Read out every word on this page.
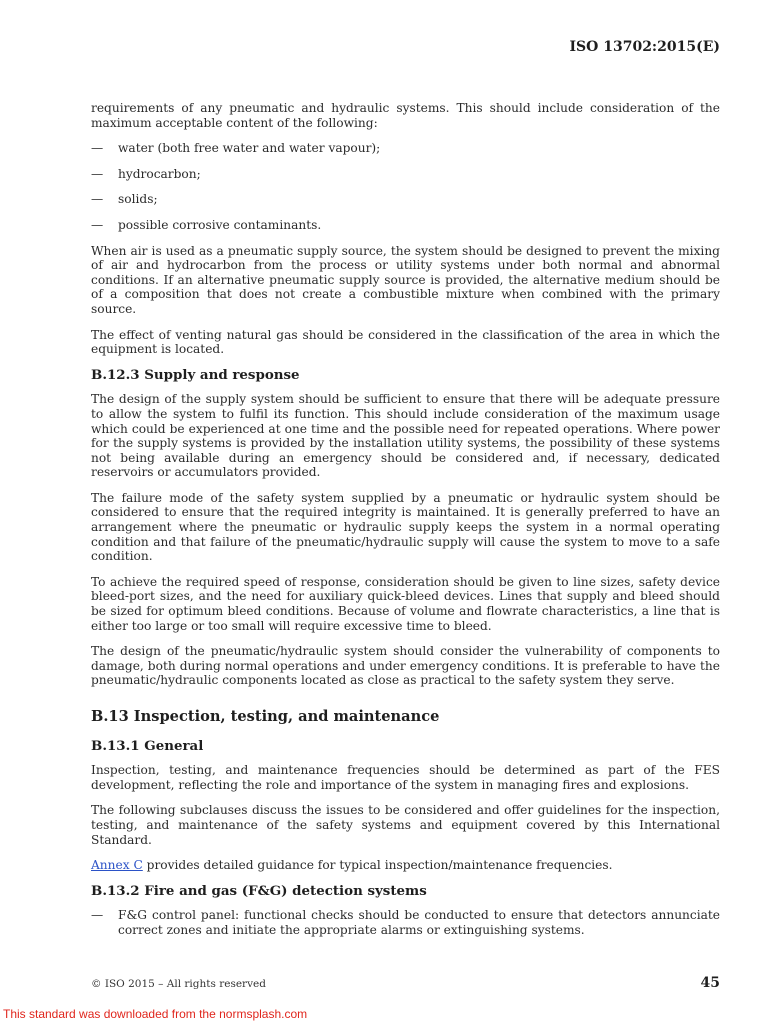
ISO 13702:2015(E)

requirements of any pneumatic and hydraulic systems. This should include consideration of the maximum acceptable content of the following:

—	water (both free water and water vapour);
—	hydrocarbon;
—	solids;
—	possible corrosive contaminants.

When air is used as a pneumatic supply source, the system should be designed to prevent the mixing of air and hydrocarbon from the process or utility systems under both normal and abnormal conditions. If an alternative pneumatic supply source is provided, the alternative medium should be of a composition that does not create a combustible mixture when combined with the primary source.

The effect of venting natural gas should be considered in the classification of the area in which the equipment is located.

B.12.3 Supply and response

The design of the supply system should be sufficient to ensure that there will be adequate pressure to allow the system to fulfil its function. This should include consideration of the maximum usage which could be experienced at one time and the possible need for repeated operations. Where power for the supply systems is provided by the installation utility systems, the possibility of these systems not being available during an emergency should be considered and, if necessary, dedicated reservoirs or accumulators provided.

The failure mode of the safety system supplied by a pneumatic or hydraulic system should be considered to ensure that the required integrity is maintained. It is generally preferred to have an arrangement where the pneumatic or hydraulic supply keeps the system in a normal operating condition and that failure of the pneumatic/hydraulic supply will cause the system to move to a safe condition.

To achieve the required speed of response, consideration should be given to line sizes, safety device bleed-port sizes, and the need for auxiliary quick-bleed devices. Lines that supply and bleed should be sized for optimum bleed conditions. Because of volume and flowrate characteristics, a line that is either too large or too small will require excessive time to bleed.

The design of the pneumatic/hydraulic system should consider the vulnerability of components to damage, both during normal operations and under emergency conditions. It is preferable to have the pneumatic/hydraulic components located as close as practical to the safety system they serve.

B.13 Inspection, testing, and maintenance
B.13.1 General

Inspection, testing, and maintenance frequencies should be determined as part of the FES development, reflecting the role and importance of the system in managing fires and explosions.

The following subclauses discuss the issues to be considered and offer guidelines for the inspection, testing, and maintenance of the safety systems and equipment covered by this International Standard.

Annex C provides detailed guidance for typical inspection/maintenance frequencies.

B.13.2 Fire and gas (F&G) detection systems
—	F&G control panel: functional checks should be conducted to ensure that detectors annunciate correct zones and initiate the appropriate alarms or extinguishing systems.
© ISO 2015 – All rights reserved	45
This standard was downloaded from the normsplash.com
